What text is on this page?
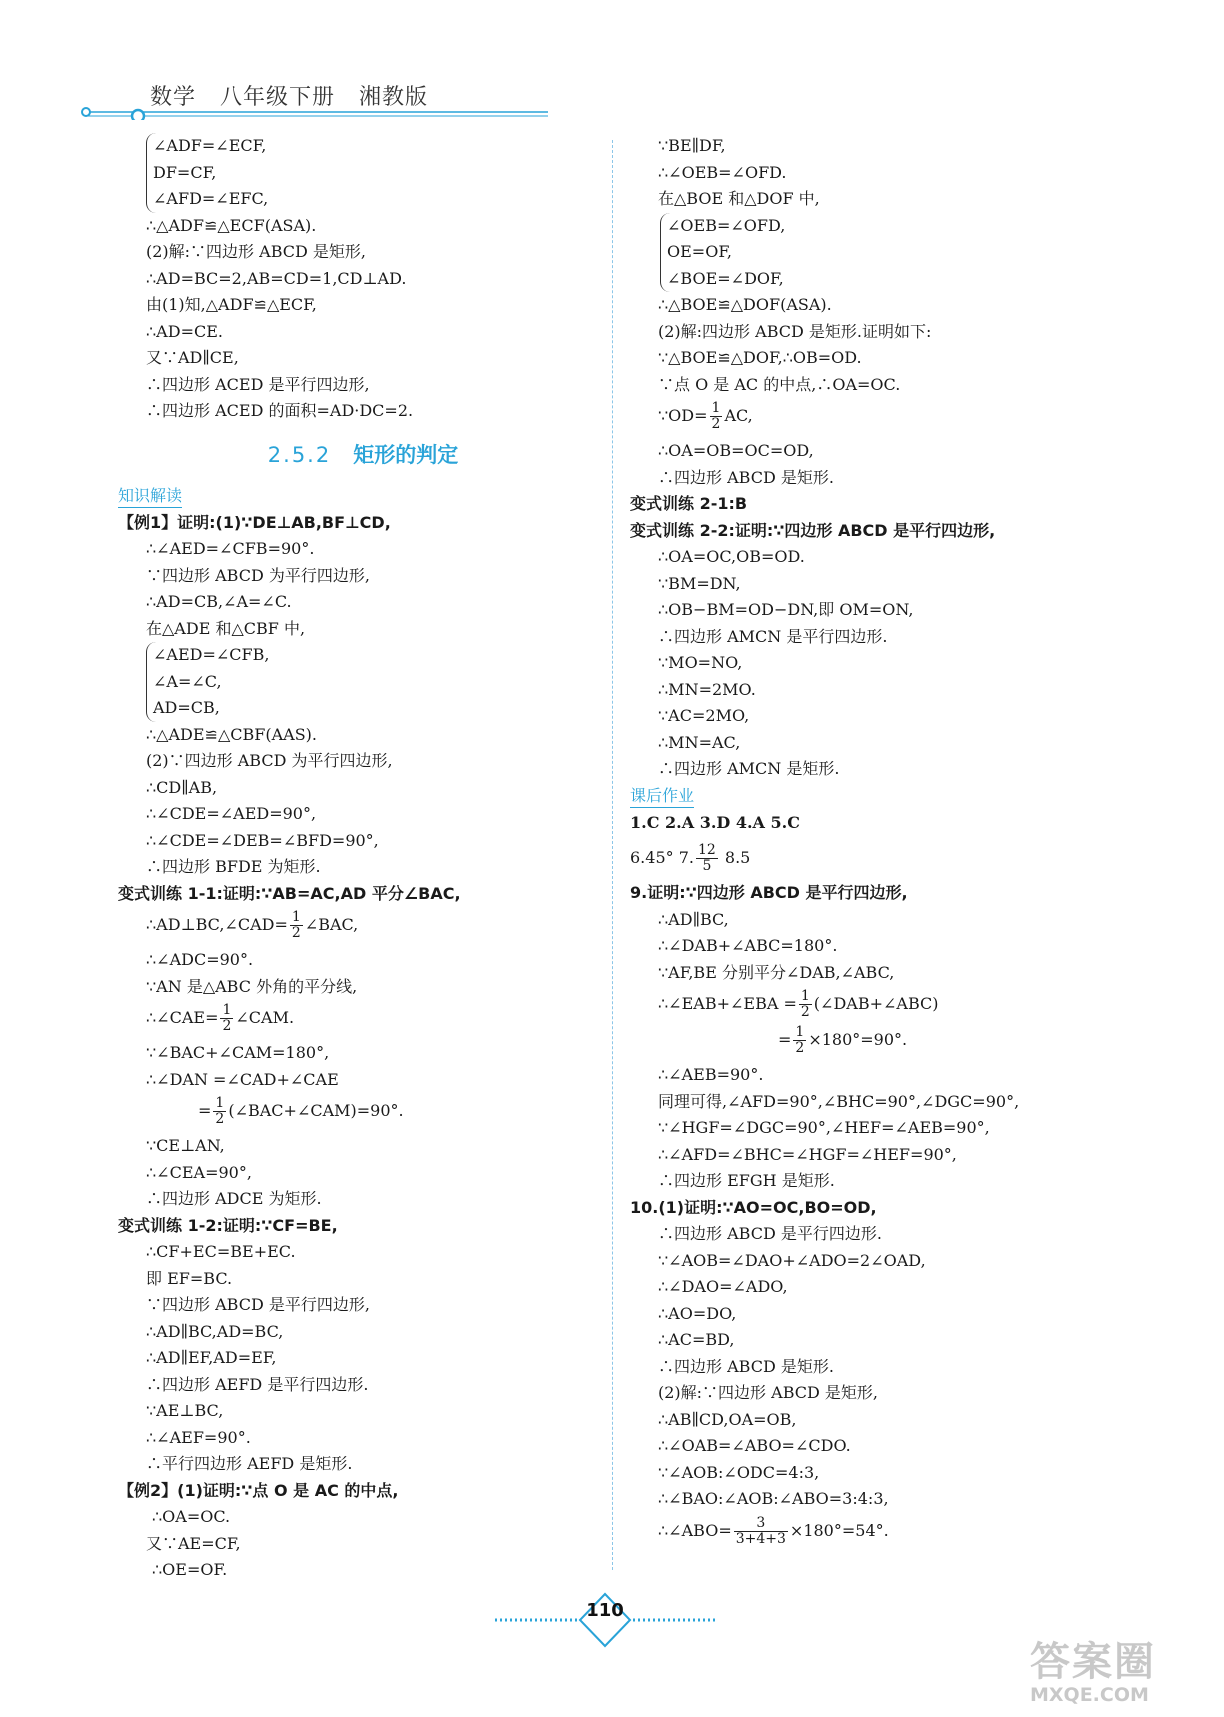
数学   八年级下册   湘教版
∠ADF=∠ECF,
DF=CF,
∠AFD=∠EFC,
∴△ADF≌△ECF(ASA).
(2)解:∵四边形 ABCD 是矩形,
∴AD=BC=2,AB=CD=1,CD⊥AD.
由(1)知,△ADF≌△ECF,
∴AD=CE.
又∵AD∥CE,
∴四边形 ACED 是平行四边形,
∴四边形 ACED 的面积=AD·DC=2.
2.5.2 矩形的判定
知识解读
【例1】证明:(1)∵DE⊥AB,BF⊥CD,
∴∠AED=∠CFB=90°.
∵四边形 ABCD 为平行四边形,
∴AD=CB,∠A=∠C.
在△ADE 和△CBF 中,
∠AED=∠CFB,
∠A=∠C,
AD=CB,
∴△ADE≌△CBF(AAS).
(2)∵四边形 ABCD 为平行四边形,
∴CD∥AB,
∴∠CDE=∠AED=90°,
∴∠CDE=∠DEB=∠BFD=90°,
∴四边形 BFDE 为矩形.
变式训练 1-1:证明:∵AB=AC,AD 平分∠BAC,
∴AD⊥BC,∠CAD= $\frac{1}{2}$ ∠BAC,
∴∠ADC=90°.
∵AN 是△ABC 外角的平分线,
∴∠CAE= $\frac{1}{2}$ ∠CAM.
∵∠BAC+∠CAM=180°,
∴∠DAN =∠CAD+∠CAE
= $\frac{1}{2}$ (∠BAC+∠CAM)=90°.
∵CE⊥AN,
∴∠CEA=90°,
∴四边形 ADCE 为矩形.
变式训练 1-2:证明:∵CF=BE,
∴CF+EC=BE+EC.
即 EF=BC.
∵四边形 ABCD 是平行四边形,
∴AD∥BC,AD=BC,
∴AD∥EF,AD=EF,
∴四边形 AEFD 是平行四边形.
∵AE⊥BC,
∴∠AEF=90°.
∴平行四边形 AEFD 是矩形.
【例2】(1)证明:∵点 O 是 AC 的中点,
∴OA=OC.
又∵AE=CF,
∴OE=OF.
∵BE∥DF,
∴∠OEB=∠OFD.
在△BOE 和△DOF 中,
∠OEB=∠OFD,
OE=OF,
∠BOE=∠DOF,
∴△BOE≌△DOF(ASA).
(2)解:四边形 ABCD 是矩形.证明如下:
∵△BOE≌△DOF,∴OB=OD.
∵点 O 是 AC 的中点,∴OA=OC.
∵OD= $\frac{1}{2}$ AC,
∴OA=OB=OC=OD,
∴四边形 ABCD 是矩形.
变式训练 2-1:B
变式训练 2-2:证明:∵四边形 ABCD 是平行四边形,
∴OA=OC,OB=OD.
∵BM=DN,
∴OB−BM=OD−DN,即 OM=ON,
∴四边形 AMCN 是平行四边形.
∵MO=NO,
∴MN=2MO.
∵AC=2MO,
∴MN=AC,
∴四边形 AMCN 是矩形.
课后作业
1.C 2.A 3.D 4.A 5.C
6.45° 7. $\frac{12}{5} 8.5$
9.证明:∵四边形 ABCD 是平行四边形,
∴AD∥BC,
∴∠DAB+∠ABC=180°.
∵AF,BE 分别平分∠DAB,∠ABC,
∴∠EAB+∠EBA = $\frac{1}{2}$ (∠DAB+∠ABC)
= $\frac{1}{2} \times 180^\circ=90^\circ$.
∴∠AEB=90°.
同理可得,∠AFD=90°,∠BHC=90°,∠DGC=90°,
∵∠HGF=∠DGC=90°,∠HEF=∠AEB=90°,
∴∠AFD=∠BHC=∠HGF=∠HEF=90°,
∴四边形 EFGH 是矩形.
10.(1)证明:∵AO=OC,BO=OD,
∴四边形 ABCD 是平行四边形.
∵∠AOB=∠DAO+∠ADO=2∠OAD,
∴∠DAO=∠ADO,
∴AO=DO,
∴AC=BD,
∴四边形 ABCD 是矩形.
(2)解:∵四边形 ABCD 是矩形,
∴AB∥CD,OA=OB,
∴∠OAB=∠ABO=∠CDO.
∵∠AOB:∠ODC=4:3,
∴∠BAO:∠AOB:∠ABO=3:4:3,
∴∠ABO= $\frac{3}{3+4+3} \times 180^\circ=54^\circ$.
110
答案圈
MXQE.COM
